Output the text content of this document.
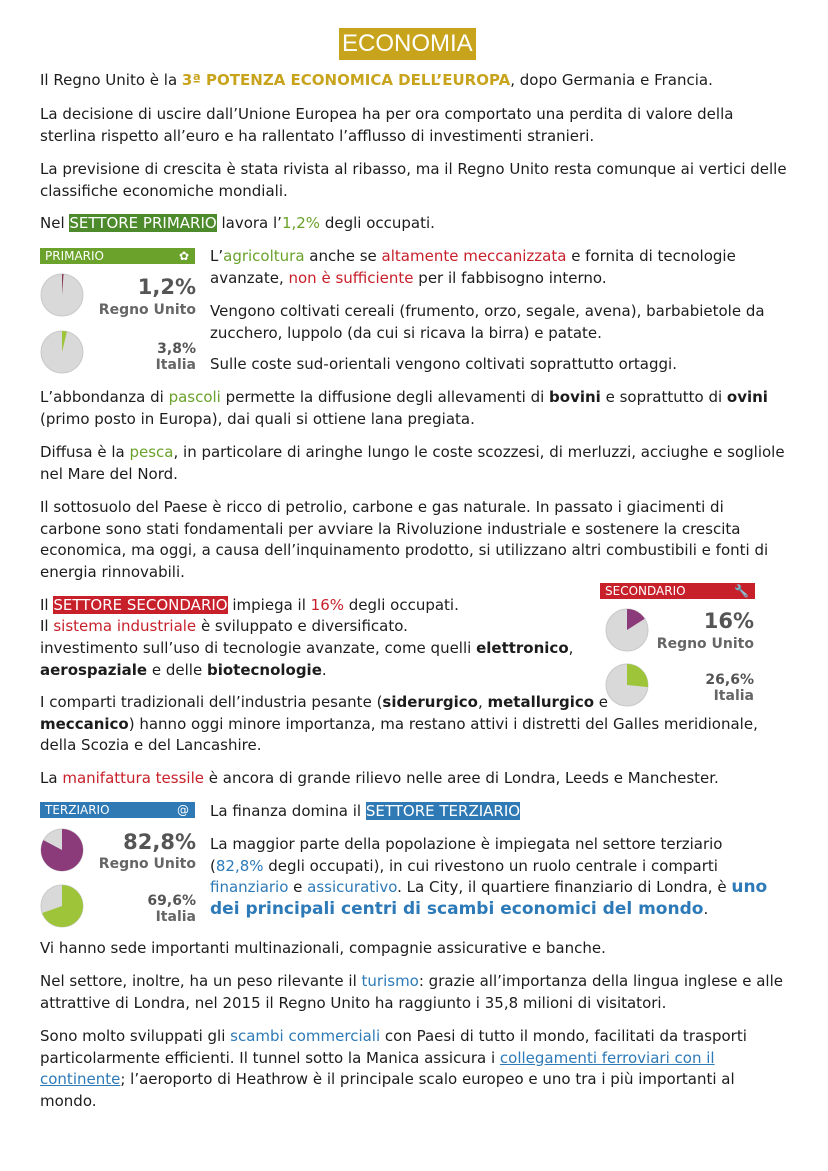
ECONOMIA

Il Regno Unito è la 3ª POTENZA ECONOMICA DELL’EUROPA, dopo Germania e Francia.

La decisione di uscire dall’Unione Europea ha per ora comportato una perdita di valore della sterlina rispetto all’euro e ha rallentato l’afflusso di investimenti stranieri.

La previsione di crescita è stata rivista al ribasso, ma il Regno Unito resta comunque ai vertici delle classifiche economiche mondiali.

Nel SETTORE PRIMARIO lavora l’1,2% degli occupati.

PRIMARIO	✿
1,2%
Regno Unito
3,8%
Italia

L’agricoltura anche se altamente meccanizzata e fornita di tecnologie avanzate, non è sufficiente per il fabbisogno interno.

Vengono coltivati cereali (frumento, orzo, segale, avena), barbabietole da zucchero, luppolo (da cui si ricava la birra) e patate.

Sulle coste sud-orientali vengono coltivati soprattutto ortaggi.

L’abbondanza di pascoli permette la diffusione degli allevamenti di bovini e soprattutto di ovini (primo posto in Europa), dai quali si ottiene lana pregiata.

Diffusa è la pesca, in particolare di aringhe lungo le coste scozzesi, di merluzzi, acciughe e sogliole nel Mare del Nord.

Il sottosuolo del Paese è ricco di petrolio, carbone e gas naturale. In passato i giacimenti di carbone sono stati fondamentali per avviare la Rivoluzione industriale e sostenere la crescita economica, ma oggi, a causa dell’inquinamento prodotto, si utilizzano altri combustibili e fonti di energia rinnovabili.

SECONDARIO	🔧
16%
Regno Unito
26,6%
Italia

Il SETTORE SECONDARIO impiega il 16% degli occupati.

Il sistema industriale è sviluppato e diversificato.

investimento sull’uso di tecnologie avanzate, come quelli elettronico,
aerospaziale e delle biotecnologie.

I comparti tradizionali dell’industria pesante (siderurgico, metallurgico e
meccanico) hanno oggi minore importanza, ma restano attivi i distretti del Galles meridionale, della Scozia e del Lancashire.

La manifattura tessile è ancora di grande rilievo nelle aree di Londra, Leeds e Manchester.

TERZIARIO	@
82,8%
Regno Unito
69,6%
Italia

La finanza domina il SETTORE TERZIARIO

La maggior parte della popolazione è impiegata nel settore terziario (82,8% degli occupati), in cui rivestono un ruolo centrale i comparti finanziario e assicurativo. La City, il quartiere finanziario di Londra, è uno dei principali centri di scambi economici del mondo.

Vi hanno sede importanti multinazionali, compagnie assicurative e banche.

Nel settore, inoltre, ha un peso rilevante il turismo: grazie all’importanza della lingua inglese e alle attrattive di Londra, nel 2015 il Regno Unito ha raggiunto i 35,8 milioni di visitatori.

Sono molto sviluppati gli scambi commerciali con Paesi di tutto il mondo, facilitati da trasporti particolarmente efficienti. Il tunnel sotto la Manica assicura i collegamenti ferroviari con il continente; l’aeroporto di Heathrow è il principale scalo europeo e uno tra i più importanti al mondo.
